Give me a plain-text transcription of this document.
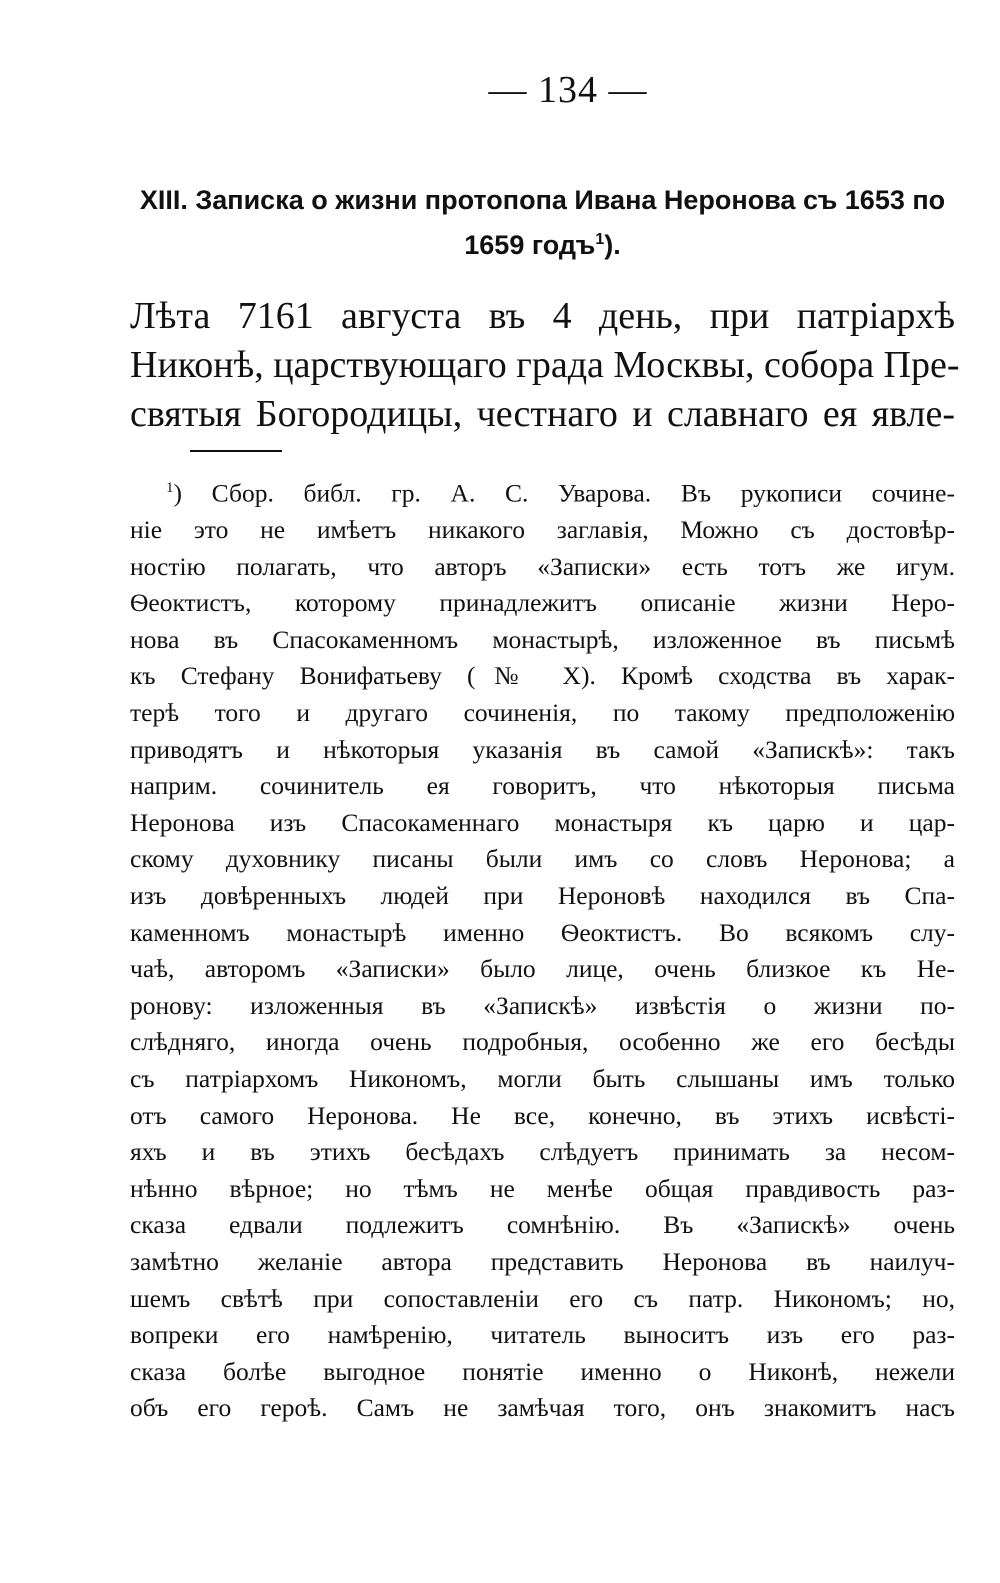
— 134 —
XIII. Записка о жизни протопопа Ивана Неронова съ 1653 по
1659 годъ$^1$).
Лѣта 7161 августа въ 4 день, при патріархѣ
Никонѣ, царствующаго града Москвы, собора Пре-
святыя Богородицы, честнаго и славнаго ея явле-
$^1$) Сбор. библ. гр. А. С. Уварова. Въ рукописи сочине-
ніе это не имѣетъ никакого заглавія, Можно съ достовѣр-
ностію полагать, что авторъ «Записки» есть тотъ же игум.
Ѳеоктистъ, которому принадлежитъ описаніе жизни Неро-
нова въ Спасокаменномъ монастырѣ, изложенное въ письмѣ
къ Стефану Вонифатьеву (№ X). Кромѣ сходства въ харак-
терѣ того и другаго сочиненія, по такому предположенію
приводятъ и нѣкоторыя указанія въ самой «Запискѣ»: такъ
наприм. сочинитель ея говоритъ, что нѣкоторыя письма
Неронова изъ Спасокаменнаго монастыря къ царю и цар-
скому духовнику писаны были имъ со словъ Неронова; а
изъ довѣренныхъ людей при Нероновѣ находился въ Спа-
каменномъ монастырѣ именно Ѳеоктистъ. Во всякомъ слу-
чаѣ, авторомъ «Записки» было лице, очень близкое къ Не-
ронову: изложенныя въ «Запискѣ» извѣстія о жизни по-
слѣдняго, иногда очень подробныя, особенно же его бесѣды
съ патріархомъ Никономъ, могли быть слышаны имъ только
отъ самого Неронова. Не все, конечно, въ этихъ исвѣсті-
яхъ и въ этихъ бесѣдахъ слѣдуетъ принимать за несом-
нѣнно вѣрное; но тѣмъ не менѣе общая правдивость раз-
сказа едвали подлежитъ сомнѣнію. Въ «Запискѣ» очень
замѣтно желаніе автора представить Неронова въ наилуч-
шемъ свѣтѣ при сопоставленіи его съ патр. Никономъ; но,
вопреки его намѣренію, читатель выноситъ изъ его раз-
сказа болѣе выгодное понятіе именно о Никонѣ, нежели
объ его героѣ. Самъ не замѣчая того, онъ знакомитъ насъ
